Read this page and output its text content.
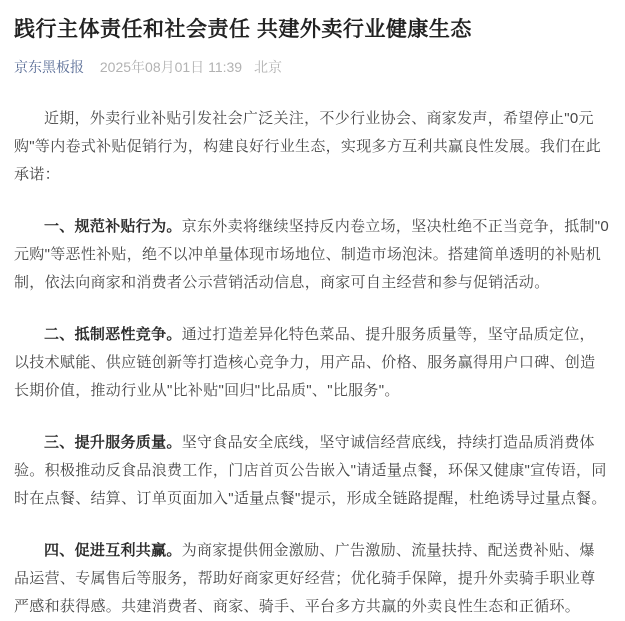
践行主体责任和社会责任 共建外卖行业健康生态
京东黑板报 2025年08月01日 11:39 北京

近期，外卖行业补贴引发社会广泛关注，不少行业协会、商家发声，希望停止"0元购"等内卷式补贴促销行为，构建良好行业生态，实现多方互利共赢良性发展。我们在此承诺：

一、规范补贴行为。京东外卖将继续坚持反内卷立场，坚决杜绝不正当竞争，抵制"0元购"等恶性补贴，绝不以冲单量体现市场地位、制造市场泡沫。搭建简单透明的补贴机制，依法向商家和消费者公示营销活动信息，商家可自主经营和参与促销活动。

二、抵制恶性竞争。通过打造差异化特色菜品、提升服务质量等，坚守品质定位，以技术赋能、供应链创新等打造核心竞争力，用产品、价格、服务赢得用户口碑、创造长期价值，推动行业从"比补贴"回归"比品质"、"比服务"。

三、提升服务质量。坚守食品安全底线，坚守诚信经营底线，持续打造品质消费体验。积极推动反食品浪费工作，门店首页公告嵌入"请适量点餐，环保又健康"宣传语，同时在点餐、结算、订单页面加入"适量点餐"提示，形成全链路提醒，杜绝诱导过量点餐。

四、促进互利共赢。为商家提供佣金激励、广告激励、流量扶持、配送费补贴、爆品运营、专属售后等服务，帮助好商家更好经营；优化骑手保障，提升外卖骑手职业尊严感和获得感。共建消费者、商家、骑手、平台多方共赢的外卖良性生态和正循环。
